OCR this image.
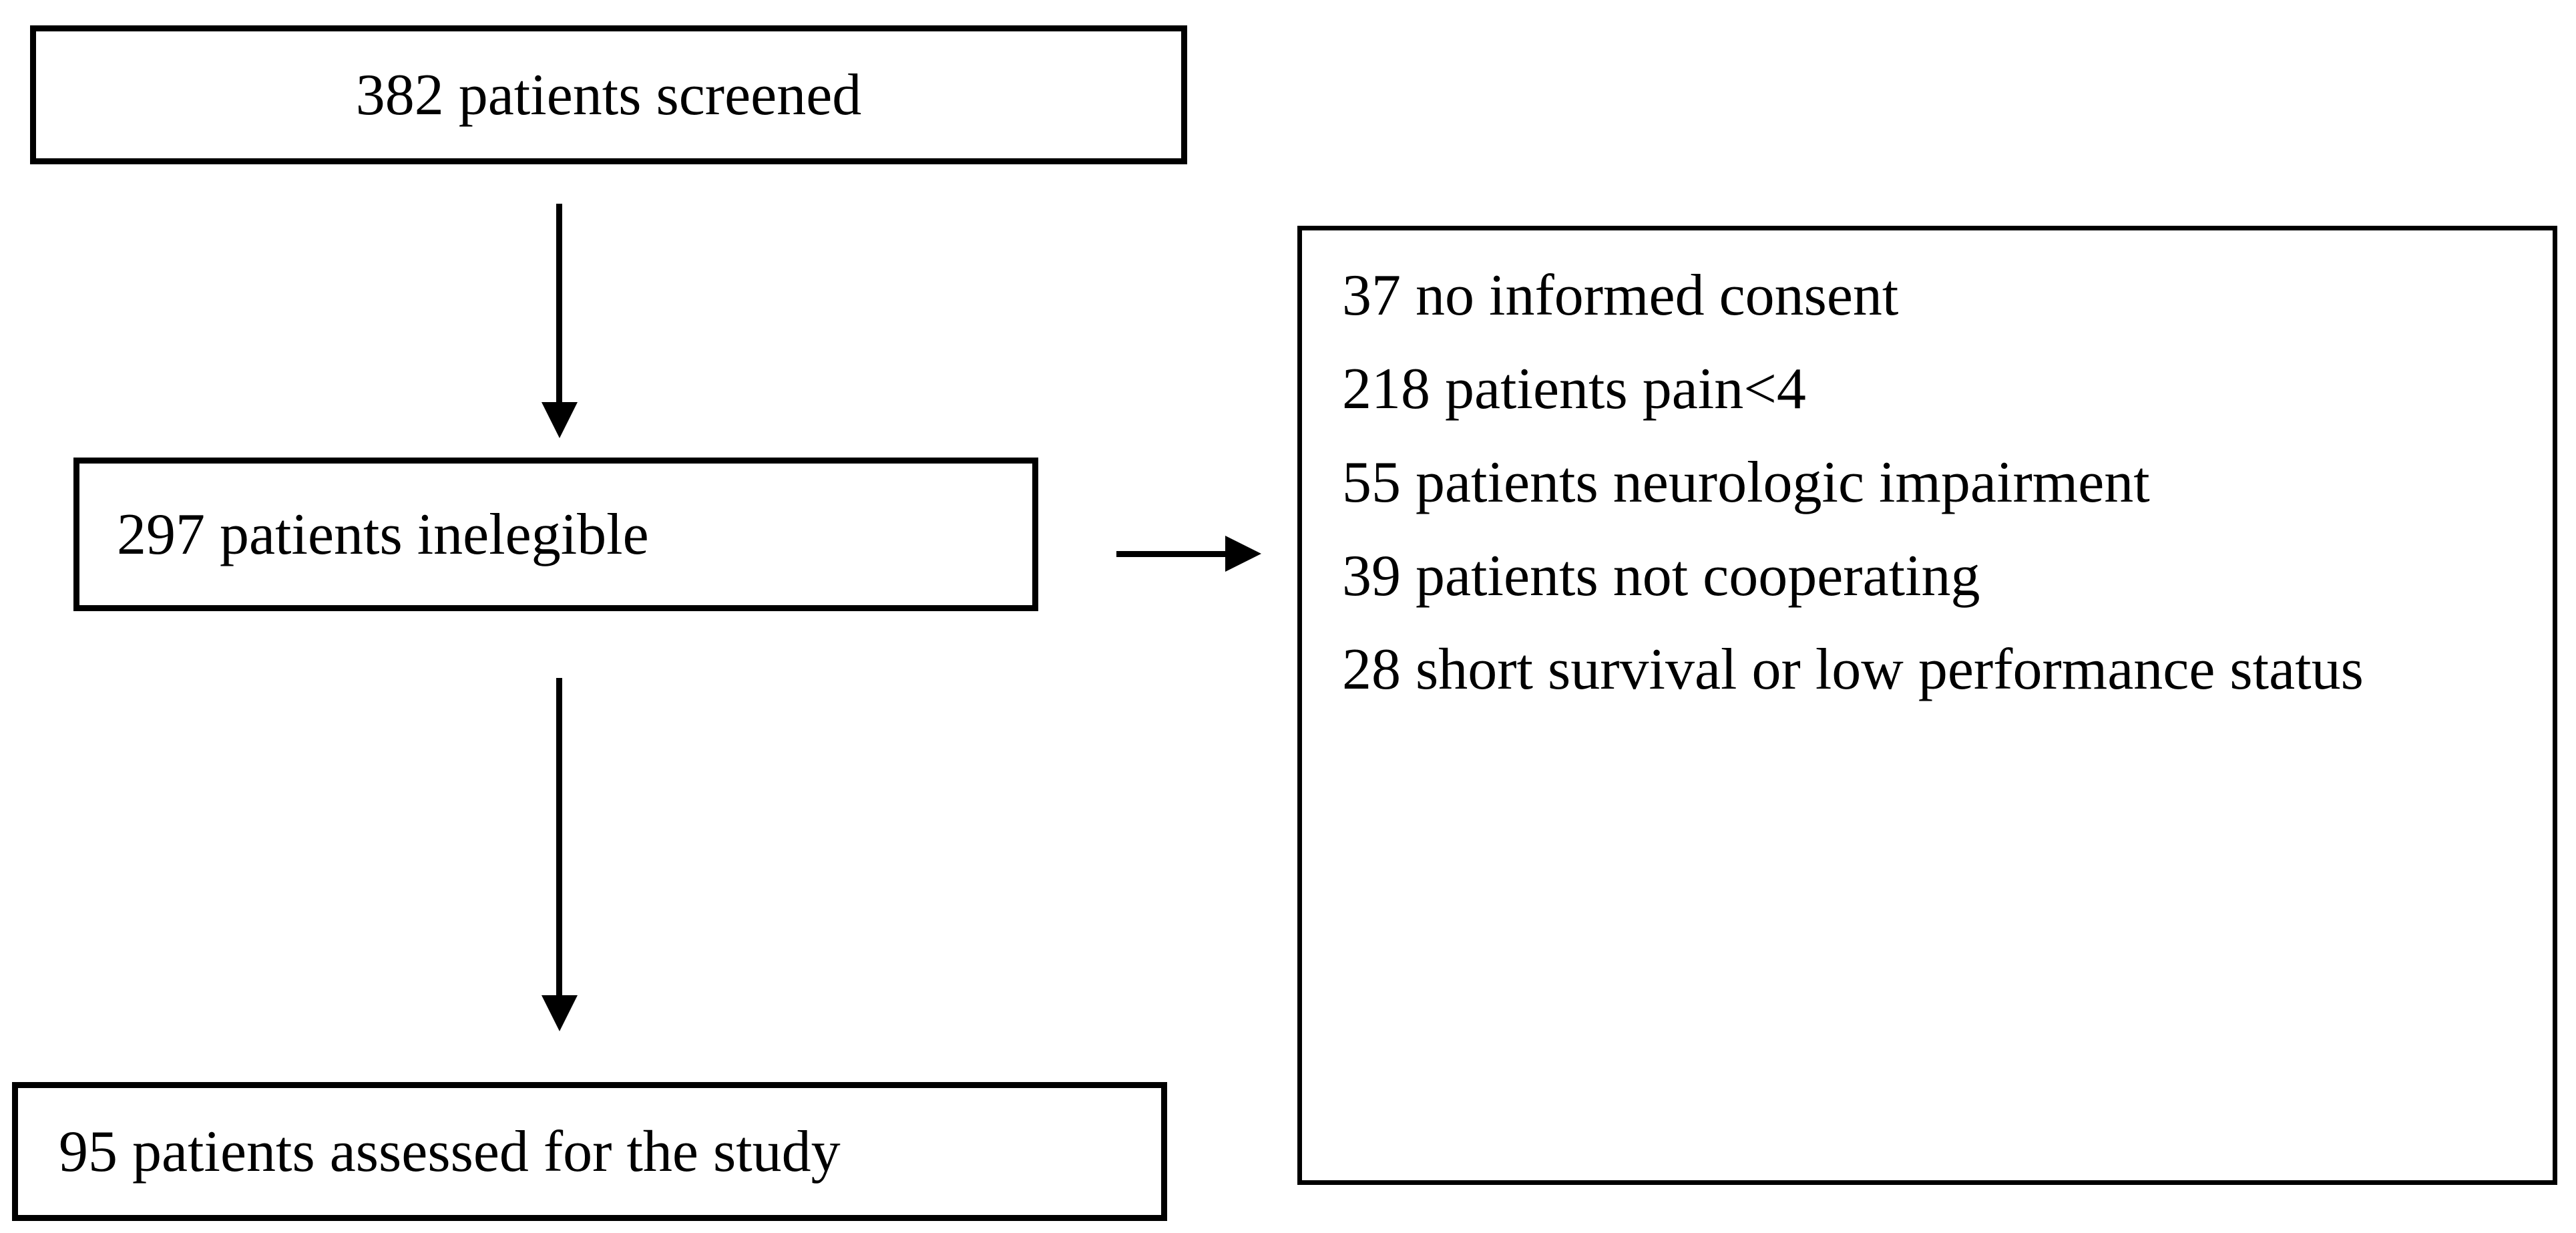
382 patients screened
297 patients inelegible
37 no informed consent
218 patients pain<4
55 patients neurologic impairment
39 patients not cooperating
28 short survival or low performance status
95 patients assessed for the study
